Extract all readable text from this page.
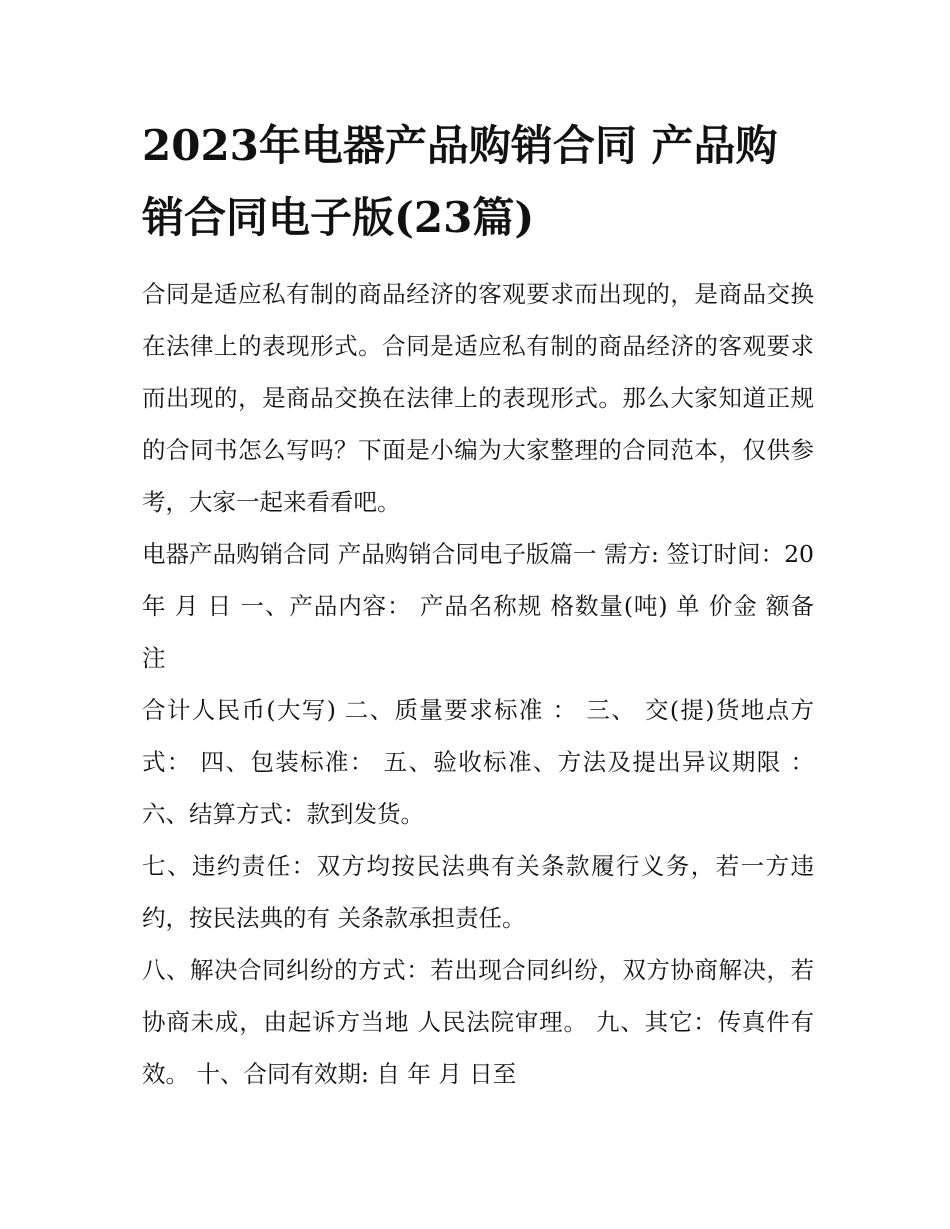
2023年电器产品购销合同 产品购销合同电子版(23篇)

合同是适应私有制的商品经济的客观要求而出现的，是商品交换在法律上的表现形式。合同是适应私有制的商品经济的客观要求而出现的，是商品交换在法律上的表现形式。那么大家知道正规的合同书怎么写吗？下面是小编为大家整理的合同范本，仅供参考，大家一起来看看吧。

电器产品购销合同 产品购销合同电子版篇一 需方: 签订时间：20 年 月 日 一、产品内容： 产品名称规 格数量(吨) 单 价金 额备 注

合计人民币(大写) 二、质量要求标准 ： 三、 交(提)货地点方式： 四、包装标准： 五、验收标准、方法及提出异议期限 ：六、结算方式：款到发货。

七、违约责任：双方均按民法典有关条款履行义务，若一方违约，按民法典的有 关条款承担责任。

八、解决合同纠纷的方式：若出现合同纠纷，双方协商解决，若协商未成，由起诉方当地 人民法院审理。 九、其它：传真件有效。 十、合同有效期: 自 年 月 日至
